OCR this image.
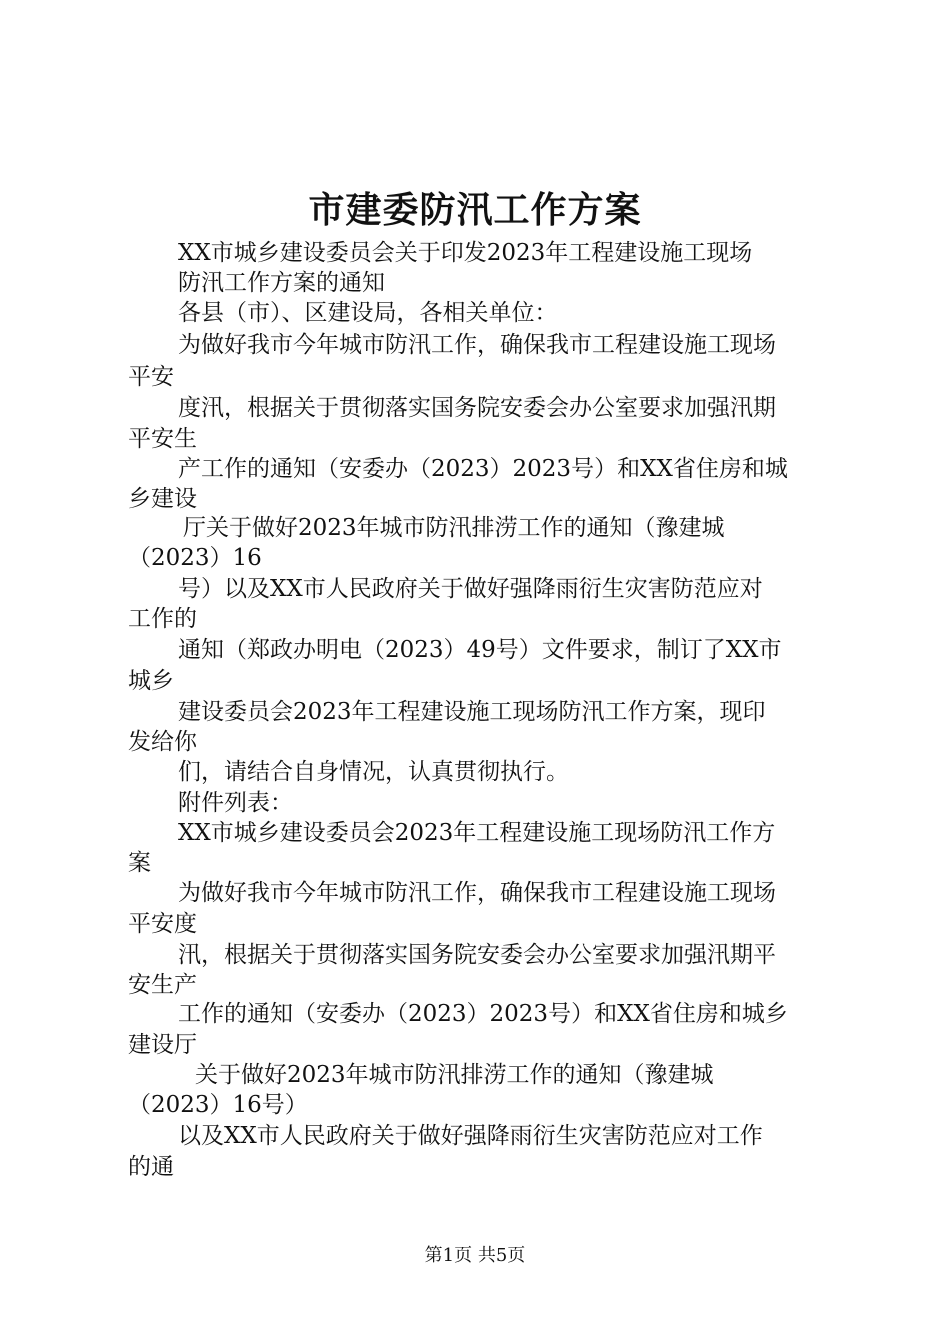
市建委防汛工作方案

XX市城乡建设委员会关于印发2023年工程建设施工现场

防汛工作方案的通知

各县（市）、区建设局，各相关单位：

为做好我市今年城市防汛工作，确保我市工程建设施工现场

平安

度汛，根据关于贯彻落实国务院安委会办公室要求加强汛期

平安生

产工作的通知（安委办（2023）2023号）和XX省住房和城

乡建设

厅关于做好2023年城市防汛排涝工作的通知（豫建城

（2023）16

号）以及XX市人民政府关于做好强降雨衍生灾害防范应对

工作的

通知（郑政办明电（2023）49号）文件要求，制订了XX市

城乡

建设委员会2023年工程建设施工现场防汛工作方案，现印

发给你

们，请结合自身情况，认真贯彻执行。

附件列表：

XX市城乡建设委员会2023年工程建设施工现场防汛工作方

案

为做好我市今年城市防汛工作，确保我市工程建设施工现场

平安度

汛，根据关于贯彻落实国务院安委会办公室要求加强汛期平

安生产

工作的通知（安委办（2023）2023号）和XX省住房和城乡

建设厅

关于做好2023年城市防汛排涝工作的通知（豫建城

（2023）16号）

以及XX市人民政府关于做好强降雨衍生灾害防范应对工作

的通

第1页 共5页
